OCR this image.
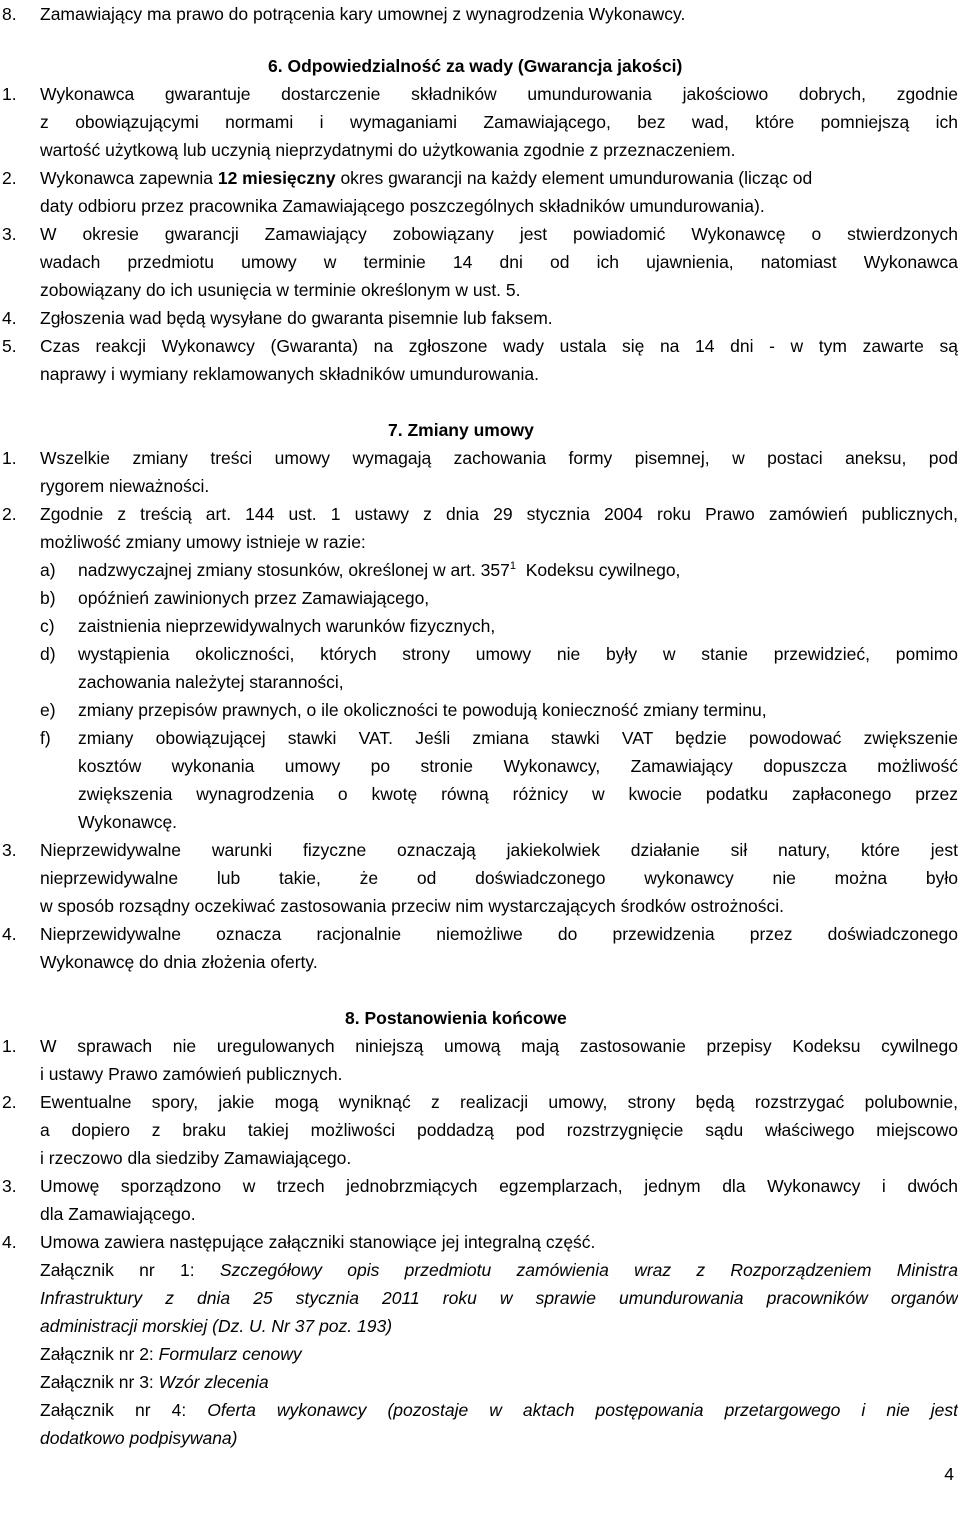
8. Zamawiający ma prawo do potrącenia kary umownej z wynagrodzenia Wykonawcy.
6. Odpowiedzialność za wady (Gwarancja jakości)
1. Wykonawca gwarantuje dostarczenie składników umundurowania jakościowo dobrych, zgodnie
z obowiązującymi normami i wymaganiami Zamawiającego, bez wad, które pomniejszą ich
wartość użytkową lub uczynią nieprzydatnymi do użytkowania zgodnie z przeznaczeniem.
2. Wykonawca zapewnia 12 miesięczny okres gwarancji na każdy element umundurowania (licząc od
daty odbioru przez pracownika Zamawiającego poszczególnych składników umundurowania).
3. W okresie gwarancji Zamawiający zobowiązany jest powiadomić Wykonawcę o stwierdzonych
wadach przedmiotu umowy w terminie 14 dni od ich ujawnienia, natomiast Wykonawca
zobowiązany do ich usunięcia w terminie określonym w ust. 5.
4. Zgłoszenia wad będą wysyłane do gwaranta pisemnie lub faksem.
5. Czas reakcji Wykonawcy (Gwaranta) na zgłoszone wady ustala się na 14 dni - w tym zawarte są
naprawy i wymiany reklamowanych składników umundurowania.
7. Zmiany umowy
1. Wszelkie zmiany treści umowy wymagają zachowania formy pisemnej, w postaci aneksu, pod
rygorem nieważności.
2. Zgodnie z treścią art. 144 ust. 1 ustawy z dnia 29 stycznia 2004 roku Prawo zamówień publicznych,
możliwość zmiany umowy istnieje w razie:
a) nadzwyczajnej zmiany stosunków, określonej w art. $357^1$  Kodeksu cywilnego,
b) opóźnień zawinionych przez Zamawiającego,
c) zaistnienia nieprzewidywalnych warunków fizycznych,
d) wystąpienia okoliczności, których strony umowy nie były w stanie przewidzieć, pomimo
zachowania należytej staranności,
e) zmiany przepisów prawnych, o ile okoliczności te powodują konieczność zmiany terminu,
f) zmiany obowiązującej stawki VAT. Jeśli zmiana stawki VAT będzie powodować zwiększenie
kosztów wykonania umowy po stronie Wykonawcy, Zamawiający dopuszcza możliwość
zwiększenia wynagrodzenia o kwotę równą różnicy w kwocie podatku zapłaconego przez
Wykonawcę.
3. Nieprzewidywalne warunki fizyczne oznaczają jakiekolwiek działanie sił natury, które jest
nieprzewidywalne lub takie, że od doświadczonego wykonawcy nie można było
w sposób rozsądny oczekiwać zastosowania przeciw nim wystarczających środków ostrożności.
4. Nieprzewidywalne oznacza racjonalnie niemożliwe do przewidzenia przez doświadczonego
Wykonawcę do dnia złożenia oferty.
8. Postanowienia końcowe
1. W sprawach nie uregulowanych niniejszą umową mają zastosowanie przepisy Kodeksu cywilnego
i ustawy Prawo zamówień publicznych.
2. Ewentualne spory, jakie mogą wyniknąć z realizacji umowy, strony będą rozstrzygać polubownie,
a dopiero z braku takiej możliwości poddadzą pod rozstrzygnięcie sądu właściwego miejscowo
i rzeczowo dla siedziby Zamawiającego.
3. Umowę sporządzono w trzech jednobrzmiących egzemplarzach, jednym dla Wykonawcy i dwóch
dla Zamawiającego.
4. Umowa zawiera następujące załączniki stanowiące jej integralną część.
Załącznik nr 1: Szczegółowy opis przedmiotu zamówienia wraz z Rozporządzeniem Ministra
Infrastruktury z dnia 25 stycznia 2011 roku w sprawie umundurowania pracowników organów
administracji morskiej (Dz. U. Nr 37 poz. 193)
Załącznik nr 2: Formularz cenowy
Załącznik nr 3: Wzór zlecenia
Załącznik nr 4: Oferta wykonawcy (pozostaje w aktach postępowania przetargowego i nie jest
dodatkowo podpisywana)
4
